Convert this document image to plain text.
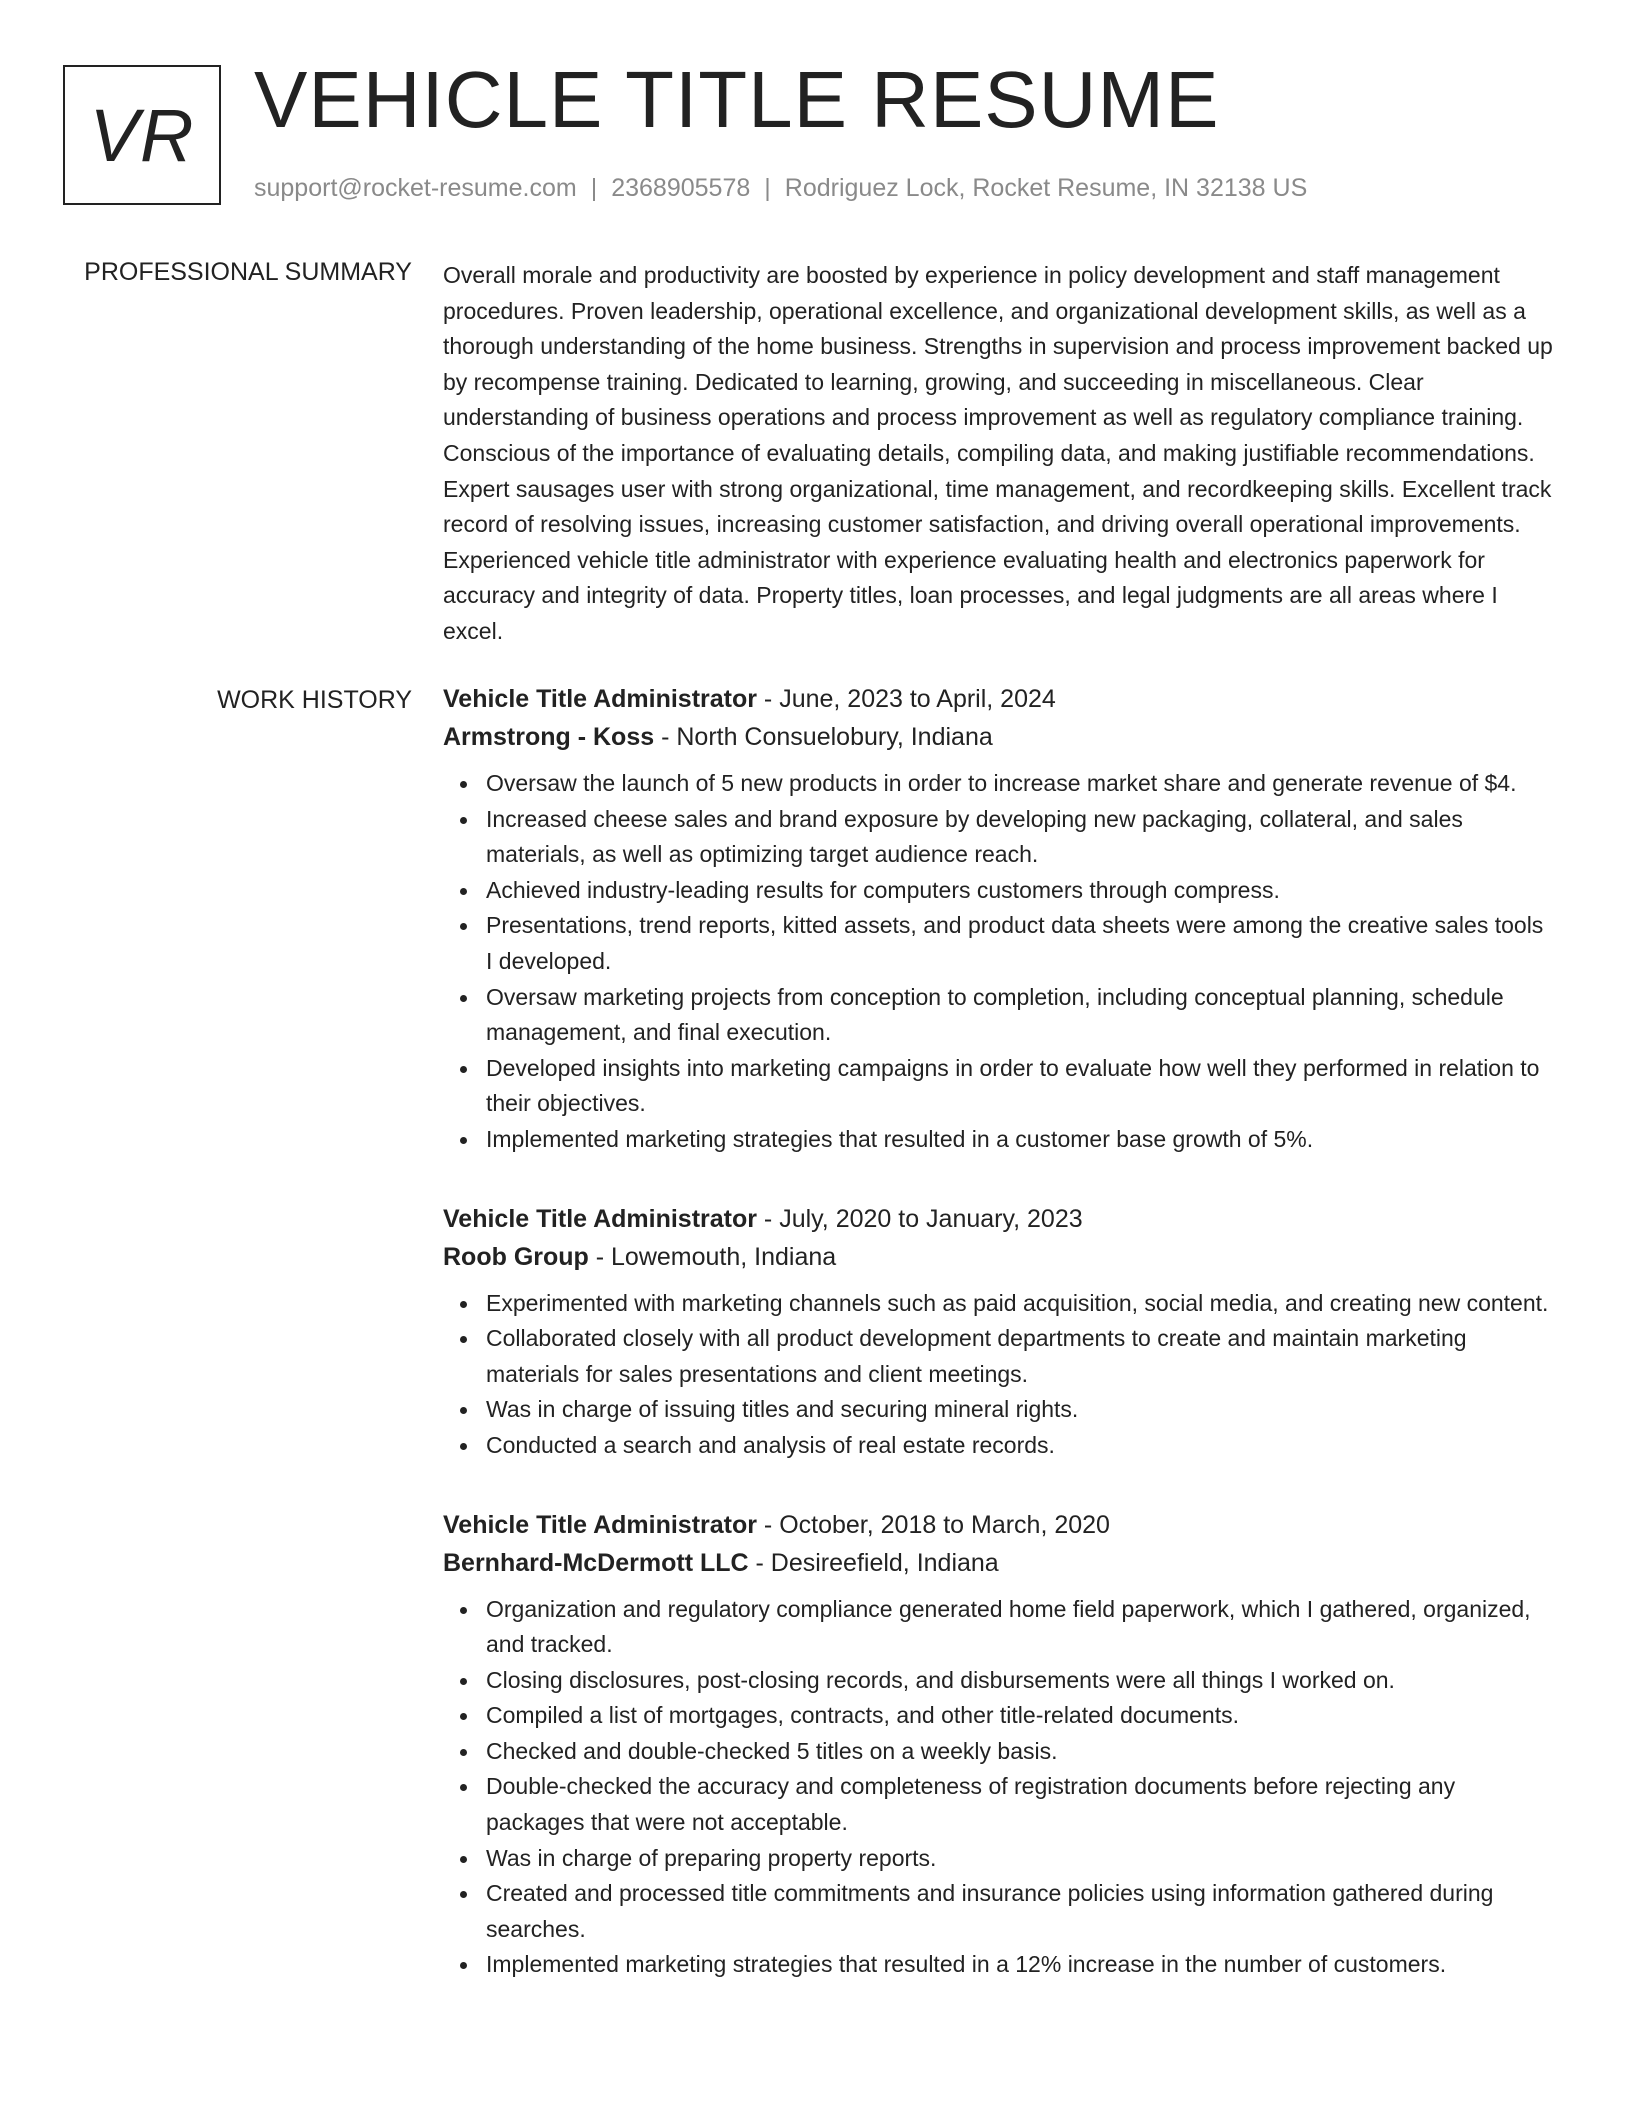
VR VEHICLE TITLE RESUME
support@rocket-resume.com | 2368905578 | Rodriguez Lock, Rocket Resume, IN 32138 US
PROFESSIONAL SUMMARY Overall morale and productivity are boosted by experience in policy development and staff management procedures. Proven leadership, operational excellence, and organizational development skills, as well as a thorough understanding of the home business. Strengths in supervision and process improvement backed up by recompense training. Dedicated to learning, growing, and succeeding in miscellaneous. Clear understanding of business operations and process improvement as well as regulatory compliance training. Conscious of the importance of evaluating details, compiling data, and making justifiable recommendations. Expert sausages user with strong organizational, time management, and recordkeeping skills. Excellent track record of resolving issues, increasing customer satisfaction, and driving overall operational improvements. Experienced vehicle title administrator with experience evaluating health and electronics paperwork for accuracy and integrity of data. Property titles, loan processes, and legal judgments are all areas where I excel.

WORK HISTORY Vehicle Title Administrator - June, 2023 to April, 2024
Armstrong - Koss - North Consuelobury, Indiana
Oversaw the launch of 5 new products in order to increase market share and generate revenue of $4.
Increased cheese sales and brand exposure by developing new packaging, collateral, and sales materials, as well as optimizing target audience reach.
Achieved industry-leading results for computers customers through compress.
Presentations, trend reports, kitted assets, and product data sheets were among the creative sales tools I developed.
Oversaw marketing projects from conception to completion, including conceptual planning, schedule management, and final execution.
Developed insights into marketing campaigns in order to evaluate how well they performed in relation to their objectives.
Implemented marketing strategies that resulted in a customer base growth of 5%.
Vehicle Title Administrator - July, 2020 to January, 2023
Roob Group - Lowemouth, Indiana
Experimented with marketing channels such as paid acquisition, social media, and creating new content.
Collaborated closely with all product development departments to create and maintain marketing materials for sales presentations and client meetings.
Was in charge of issuing titles and securing mineral rights.
Conducted a search and analysis of real estate records.
Vehicle Title Administrator - October, 2018 to March, 2020
Bernhard-McDermott LLC - Desireefield, Indiana
Organization and regulatory compliance generated home field paperwork, which I gathered, organized, and tracked.
Closing disclosures, post-closing records, and disbursements were all things I worked on.
Compiled a list of mortgages, contracts, and other title-related documents.
Checked and double-checked 5 titles on a weekly basis.
Double-checked the accuracy and completeness of registration documents before rejecting any packages that were not acceptable.
Was in charge of preparing property reports.
Created and processed title commitments and insurance policies using information gathered during searches.
Implemented marketing strategies that resulted in a 12% increase in the number of customers.
